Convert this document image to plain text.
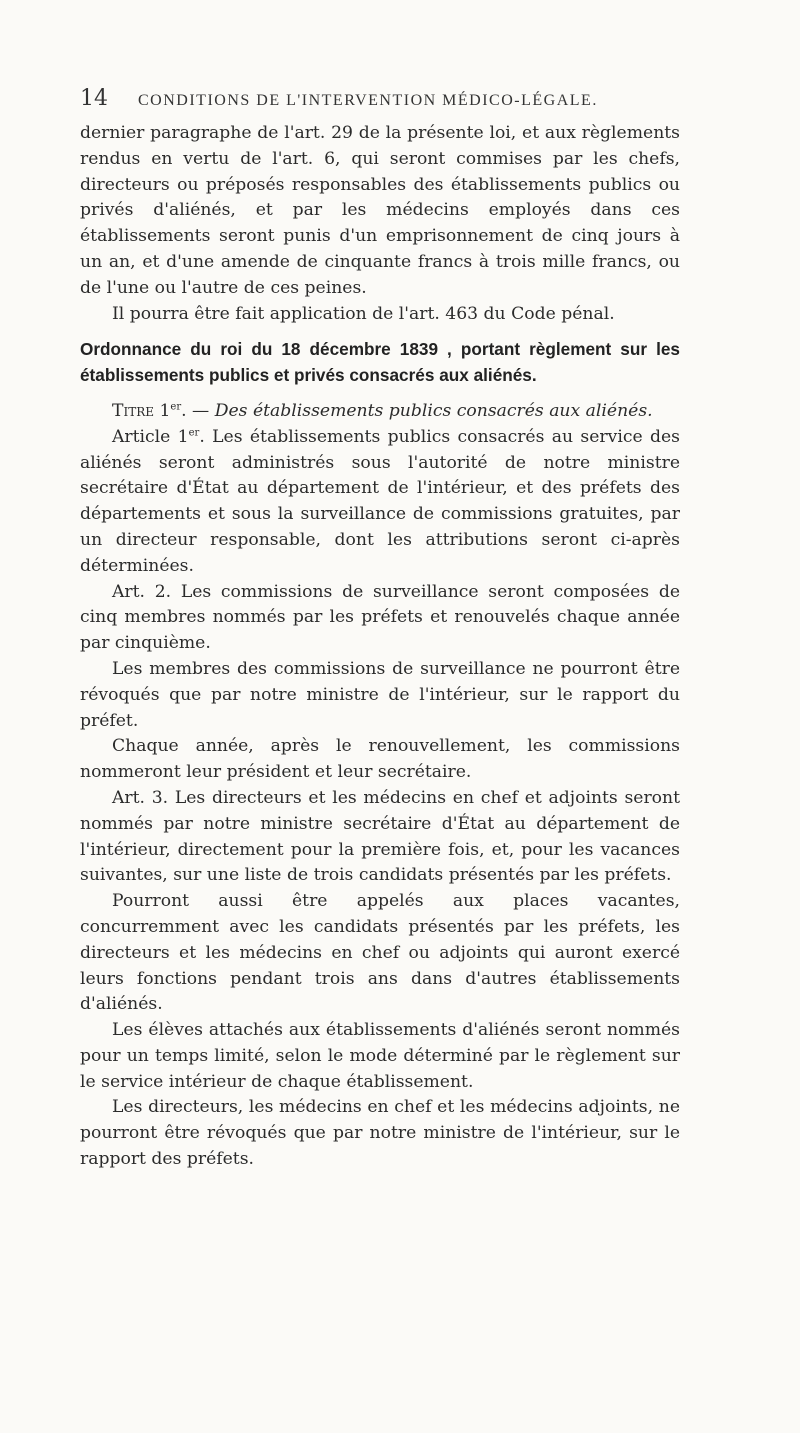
14	CONDITIONS DE L'INTERVENTION MÉDICO-LÉGALE.

dernier paragraphe de l'art. 29 de la présente loi, et aux règlements rendus en vertu de l'art. 6, qui seront commises par les chefs, directeurs ou préposés responsables des établissements publics ou privés d'aliénés, et par les médecins employés dans ces établissements seront punis d'un emprisonnement de cinq jours à un an, et d'une amende de cinquante francs à trois mille francs, ou de l'une ou l'autre de ces peines.

Il pourra être fait application de l'art. 463 du Code pénal.

Ordonnance du roi du 18 décembre 1839 , portant règlement sur les établissements publics et privés consacrés aux aliénés.

Titre 1er. — Des établissements publics consacrés aux aliénés.

Article 1er. Les établissements publics consacrés au service des aliénés seront administrés sous l'autorité de notre ministre secrétaire d'État au département de l'intérieur, et des préfets des départements et sous la surveillance de commissions gratuites, par un directeur responsable, dont les attributions seront ci-après déterminées.

Art. 2. Les commissions de surveillance seront composées de cinq membres nommés par les préfets et renouvelés chaque année par cinquième.

Les membres des commissions de surveillance ne pourront être révoqués que par notre ministre de l'intérieur, sur le rapport du préfet.

Chaque année, après le renouvellement, les commissions nommeront leur président et leur secrétaire.

Art. 3. Les directeurs et les médecins en chef et adjoints seront nommés par notre ministre secrétaire d'État au département de l'intérieur, directement pour la première fois, et, pour les vacances suivantes, sur une liste de trois candidats présentés par les préfets.

Pourront aussi être appelés aux places vacantes, concurremment avec les candidats présentés par les préfets, les directeurs et les médecins en chef ou adjoints qui auront exercé leurs fonctions pendant trois ans dans d'autres établissements d'aliénés.

Les élèves attachés aux établissements d'aliénés seront nommés pour un temps limité, selon le mode déterminé par le règlement sur le service intérieur de chaque établissement.

Les directeurs, les médecins en chef et les médecins adjoints, ne pourront être révoqués que par notre ministre de l'intérieur, sur le rapport des préfets.
